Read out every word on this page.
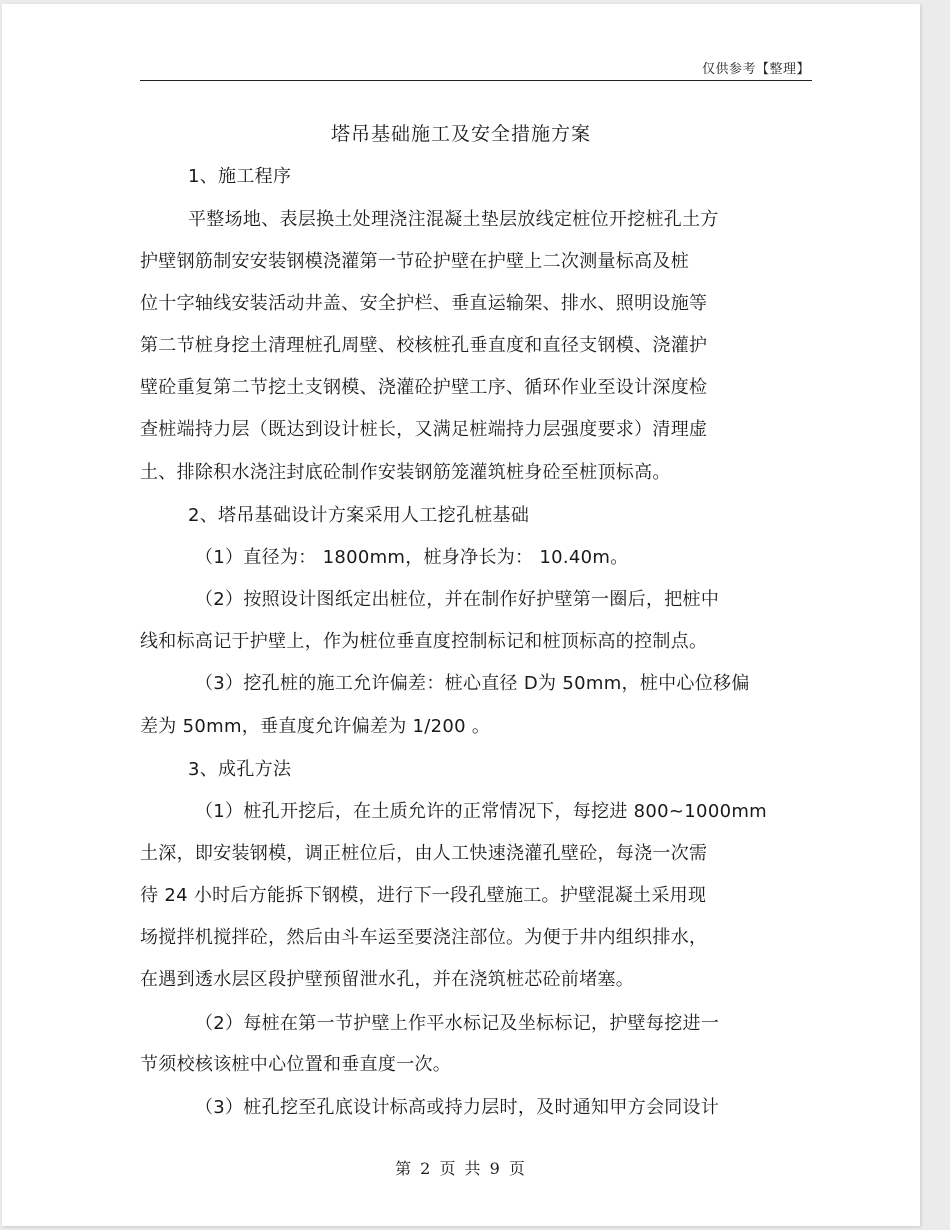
仅供参考【整理】
塔吊基础施工及安全措施方案
1、施工程序
平整场地、表层换土处理浇注混凝土垫层放线定桩位开挖桩孔土方
护壁钢筋制安安装钢模浇灌第一节砼护壁在护壁上二次测量标高及桩
位十字轴线安装活动井盖、安全护栏、垂直运输架、排水、照明设施等
第二节桩身挖土清理桩孔周壁、校核桩孔垂直度和直径支钢模、浇灌护
壁砼重复第二节挖土支钢模、浇灌砼护壁工序、循环作业至设计深度检
查桩端持力层（既达到设计桩长，又满足桩端持力层强度要求）清理虚
土、排除积水浇注封底砼制作安装钢筋笼灌筑桩身砼至桩顶标高。
2、塔吊基础设计方案采用人工挖孔桩基础
（1）直径为： 1800mm，桩身净长为： 10.40m。
（2）按照设计图纸定出桩位，并在制作好护壁第一圈后，把桩中
线和标高记于护壁上，作为桩位垂直度控制标记和桩顶标高的控制点。
（3）挖孔桩的施工允许偏差：桩心直径 D为 50mm，桩中心位移偏
差为 50mm，垂直度允许偏差为 1/200 。
3、成孔方法
（1）桩孔开挖后，在土质允许的正常情况下，每挖进 800~1000mm
土深，即安装钢模，调正桩位后，由人工快速浇灌孔壁砼，每浇一次需
待 24 小时后方能拆下钢模，进行下一段孔壁施工。护壁混凝土采用现
场搅拌机搅拌砼，然后由斗车运至要浇注部位。为便于井内组织排水，
在遇到透水层区段护壁预留泄水孔，并在浇筑桩芯砼前堵塞。
（2）每桩在第一节护壁上作平水标记及坐标标记，护壁每挖进一
节须校核该桩中心位置和垂直度一次。
（3）桩孔挖至孔底设计标高或持力层时，及时通知甲方会同设计
第 2 页 共 9 页
